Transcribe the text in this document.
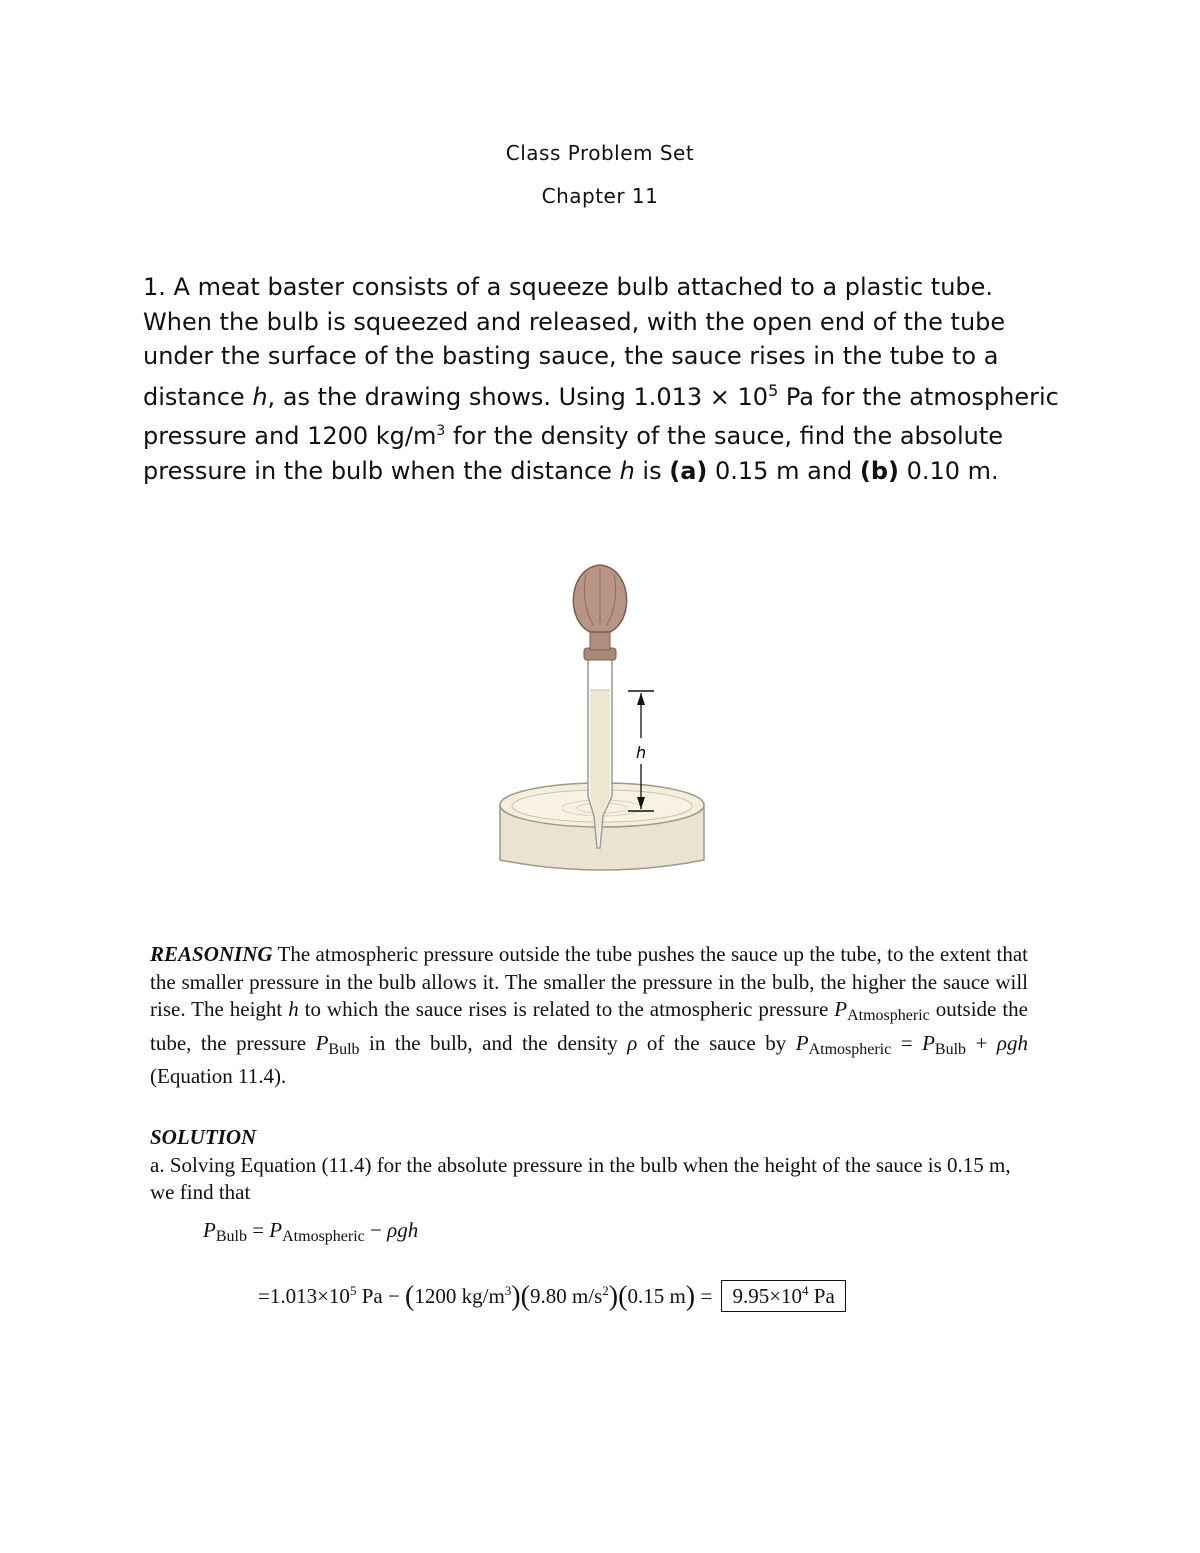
Class Problem Set
Chapter 11
1. A meat baster consists of a squeeze bulb attached to a plastic tube. When the bulb is squeezed and released, with the open end of the tube under the surface of the basting sauce, the sauce rises in the tube to a distance h, as the drawing shows. Using $1.013 \times 10^5$ Pa for the atmospheric pressure and 1200 $kg/m^3$ for the density of the sauce, find the absolute pressure in the bulb when the distance h is (a) 0.15 m and (b) 0.10 m.
h
REASONING The atmospheric pressure outside the tube pushes the sauce up the tube, to the extent that the smaller pressure in the bulb allows it. The smaller the pressure in the bulb, the higher the sauce will rise. The height h to which the sauce rises is related to the atmospheric pressure $P_{Atmospheric}$ outside the tube, the pressure $P_{Bulb}$ in the bulb, and the density ρ of the sauce by $P_{Atmospheric} = P_{Bulb} + \rho gh$ (Equation 11.4).
SOLUTION
a. Solving Equation (11.4) for the absolute pressure in the bulb when the height of the sauce is 0.15 m, we find that
$P_{Bulb} = P_{Atmospheric} - \rho gh$
$=1.013\times 10^5$ Pa − (1200 $kg/m^3)(9.80$ $m/s^2)(0.15$ $m) = 9.95\times 10^4$ Pa
